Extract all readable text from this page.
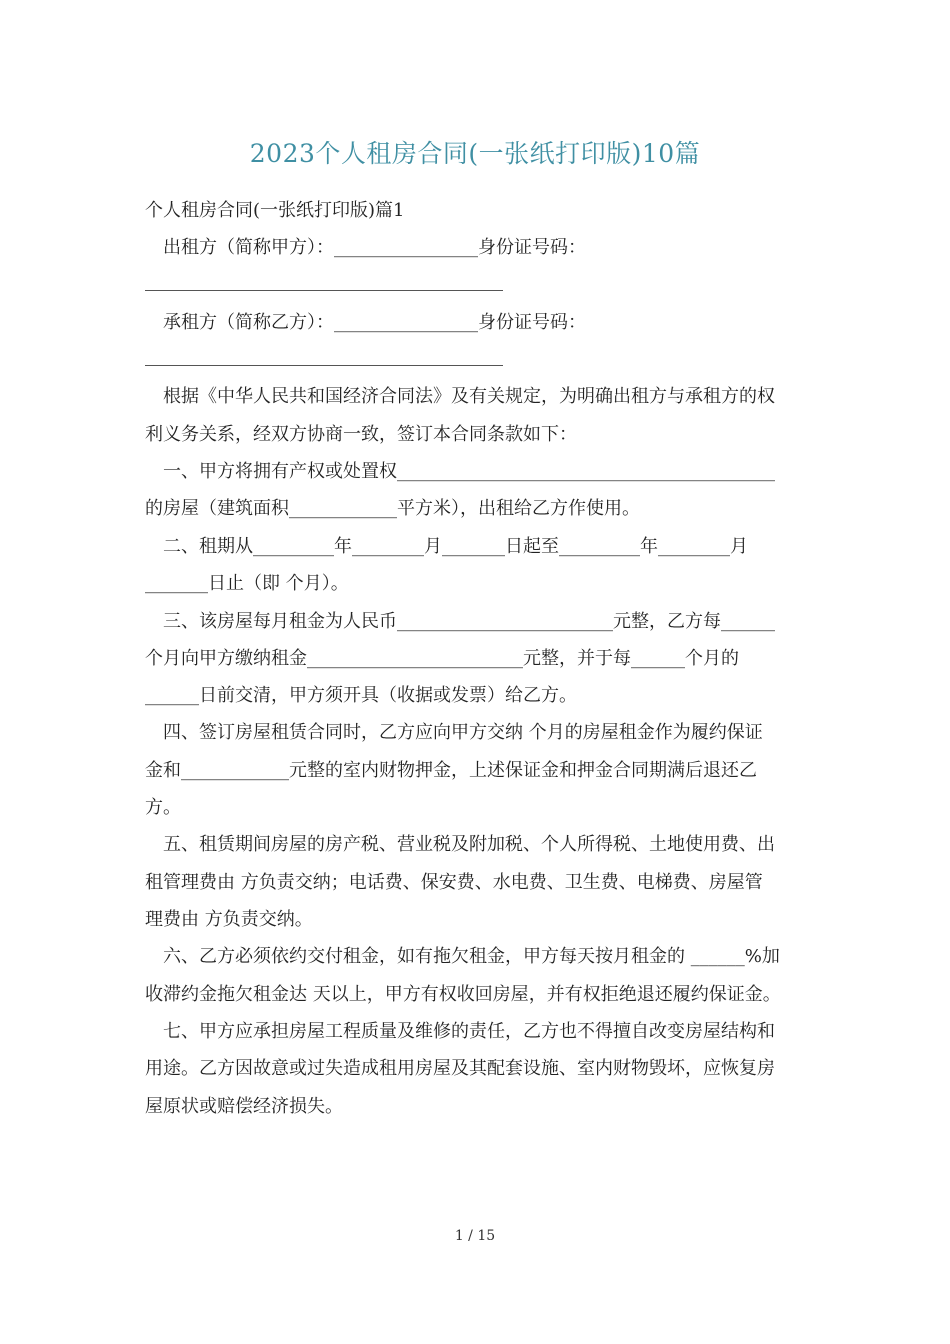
2023个人租房合同(一张纸打印版)10篇
个人租房合同(一张纸打印版)篇1
出租方（简称甲方）：________________身份证号码：
承租方（简称乙方）：________________身份证号码：
根据《中华人民共和国经济合同法》及有关规定，为明确出租方与承租方的权
利义务关系，经双方协商一致，签订本合同条款如下：
一、甲方将拥有产权或处置权__________________________________________
的房屋（建筑面积____________平方米），出租给乙方作使用。
二、租期从_________年________月_______日起至_________年________月
_______日止（即 个月）。
三、该房屋每月租金为人民币________________________元整，乙方每______
个月向甲方缴纳租金________________________元整，并于每______个月的
______日前交清，甲方须开具（收据或发票）给乙方。
四、签订房屋租赁合同时，乙方应向甲方交纳 个月的房屋租金作为履约保证
金和____________元整的室内财物押金，上述保证金和押金合同期满后退还乙
方。
五、租赁期间房屋的房产税、营业税及附加税、个人所得税、土地使用费、出
租管理费由 方负责交纳；电话费、保安费、水电费、卫生费、电梯费、房屋管
理费由 方负责交纳。
六、乙方必须依约交付租金，如有拖欠租金，甲方每天按月租金的 ______%加
收滞约金拖欠租金达 天以上，甲方有权收回房屋，并有权拒绝退还履约保证金。
七、甲方应承担房屋工程质量及维修的责任，乙方也不得擅自改变房屋结构和
用途。乙方因故意或过失造成租用房屋及其配套设施、室内财物毁坏，应恢复房
屋原状或赔偿经济损失。
1 / 15
